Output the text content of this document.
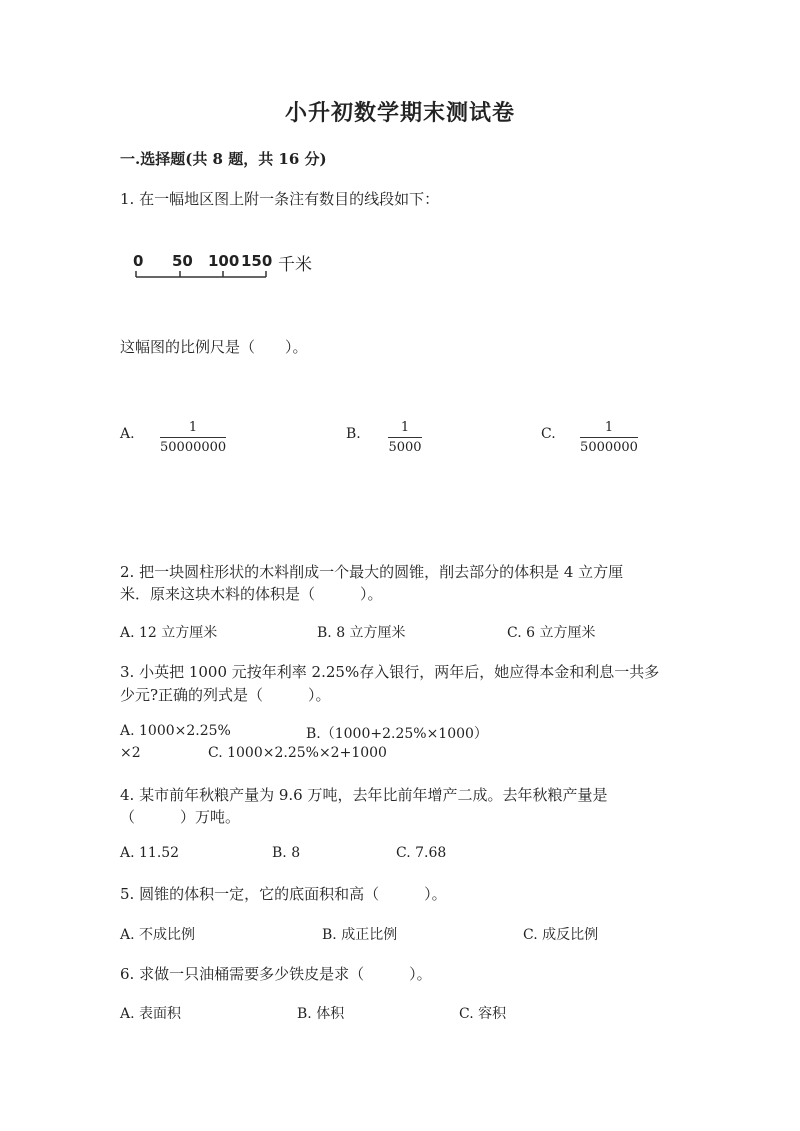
小升初数学期末测试卷
一.选择题(共 8 题，共 16 分)
1. 在一幅地区图上附一条注有数目的线段如下：
0 50 100 150 千米
这幅图的比例尺是（　　）。
A.	1
50000000
B.	1
5000
C.	1
5000000
2. 把一块圆柱形状的木料削成一个最大的圆锥，削去部分的体积是 4 立方厘
米．原来这块木料的体积是（　　　）。
A. 12 立方厘米	B. 8 立方厘米	C. 6 立方厘米
3. 小英把 1000 元按年利率 2.25%存入银行，两年后，她应得本金和利息一共多
少元?正确的列式是（　　　）。
A. 1000×2.25%	B.（1000+2.25%×1000）
×2	C. 1000×2.25%×2+1000
4. 某市前年秋粮产量为 9.6 万吨，去年比前年增产二成。去年秋粮产量是
（　　　）万吨。
A. 11.52	B. 8	C. 7.68
5. 圆锥的体积一定，它的底面积和高（　　　）。
A. 不成比例	B. 成正比例	C. 成反比例
6. 求做一只油桶需要多少铁皮是求（　　　）。
A. 表面积	B. 体积	C. 容积
